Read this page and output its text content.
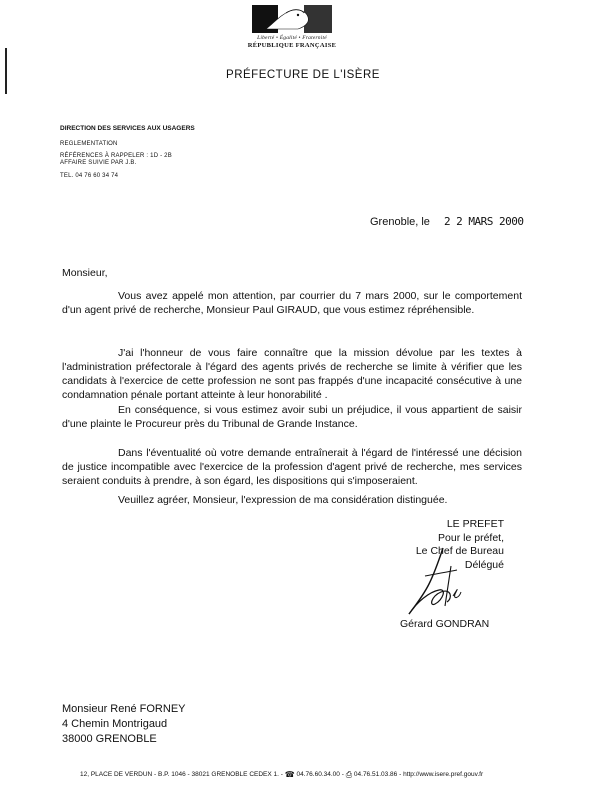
Liberté • Égalité • Fraternité
RÉPUBLIQUE FRANÇAISE
PRÉFECTURE DE L'ISÈRE
DIRECTION DES SERVICES AUX USAGERS
REGLEMENTATION
RÉFÉRENCES À RAPPELER : 1D - 2B
AFFAIRE SUIVIE PAR J.B.
TEL. 04 76 60 34 74
Grenoble, le 2 2 MARS 2000
Monsieur,
Vous avez appelé mon attention, par courrier du 7 mars 2000, sur le comportement d'un agent privé de recherche, Monsieur Paul GIRAUD, que vous estimez répréhensible.
J'ai l'honneur de vous faire connaître que la mission dévolue par les textes à l'administration préfectorale à l'égard des agents privés de recherche se limite à vérifier que les candidats à l'exercice de cette profession ne sont pas frappés d'une incapacité consécutive à une condamnation pénale portant atteinte à leur honorabilité .
En conséquence, si vous estimez avoir subi un préjudice, il vous appartient de saisir d'une plainte le Procureur près du Tribunal de Grande Instance.
Dans l'éventualité où votre demande entraînerait à l'égard de l'intéressé une décision de justice incompatible avec l'exercice de la profession d'agent privé de recherche, mes services seraient conduits à prendre, à son égard, les dispositions qui s'imposeraient.
Veuillez agréer, Monsieur, l'expression de ma considération distinguée.
LE PREFET
Pour le préfet,
Le Chef de Bureau Délégué
Gérard GONDRAN
Monsieur René FORNEY
4 Chemin Montrigaud
38000 GRENOBLE
12, PLACE DE VERDUN - B.P. 1046 - 38021 GRENOBLE CEDEX 1. - ☎ 04.76.60.34.00 - ⎙ 04.76.51.03.86 - http://www.isere.pref.gouv.fr
